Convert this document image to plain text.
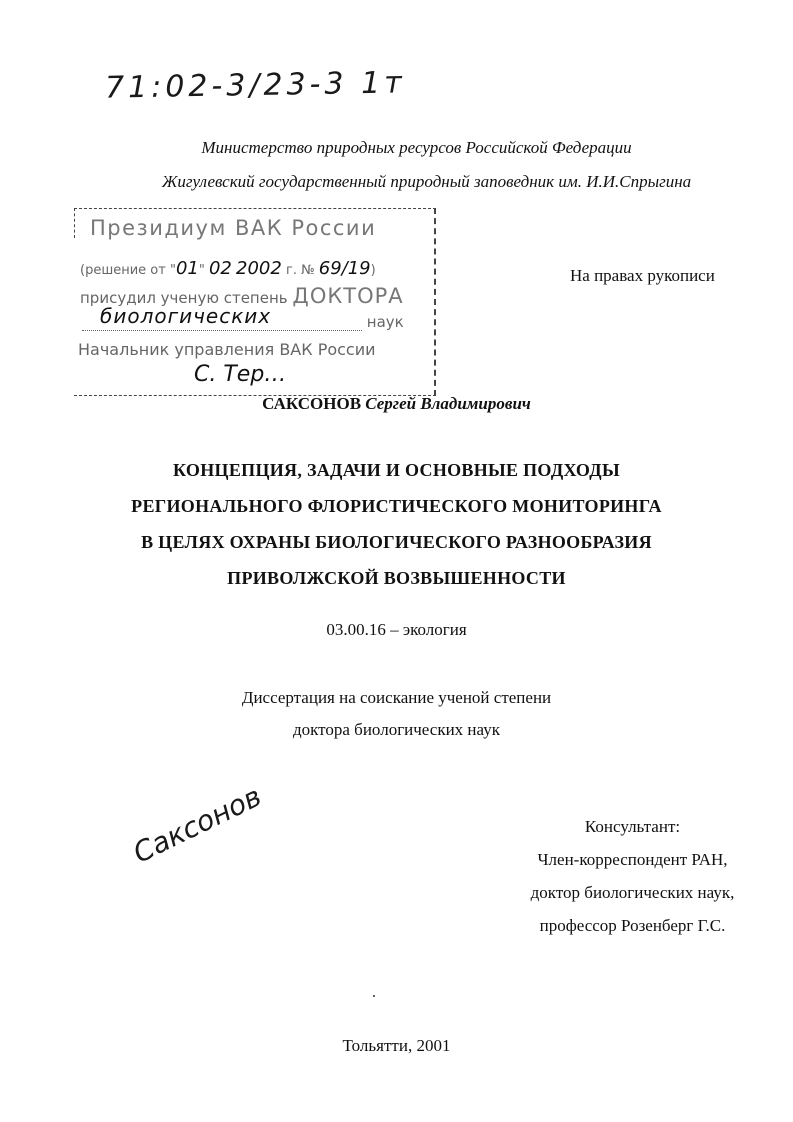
71:02-3/23-3 1т
Министерство природных ресурсов Российской Федерации
Жигулевский государственный природный заповедник им. И.И.Спрыгина
Президиум ВАК России
(решение от "01" 02 2002 г. № 69/19)
присудил ученую степень ДОКТОРА
биологических	наук
Начальник управления ВАК России
С. Тер…
На правах рукописи
САКСОНОВ Сергей Владимирович
КОНЦЕПЦИЯ, ЗАДАЧИ И ОСНОВНЫЕ ПОДХОДЫ
РЕГИОНАЛЬНОГО ФЛОРИСТИЧЕСКОГО МОНИТОРИНГА
В ЦЕЛЯХ ОХРАНЫ БИОЛОГИЧЕСКОГО РАЗНООБРАЗИЯ
ПРИВОЛЖСКОЙ ВОЗВЫШЕННОСТИ
03.00.16 – экология
Диссертация на соискание ученой степени
доктора биологических наук
Консультант:
Член-корреспондент РАН,
доктор биологических наук,
профессор Розенберг Г.С.
Саксонов
Тольятти, 2001
